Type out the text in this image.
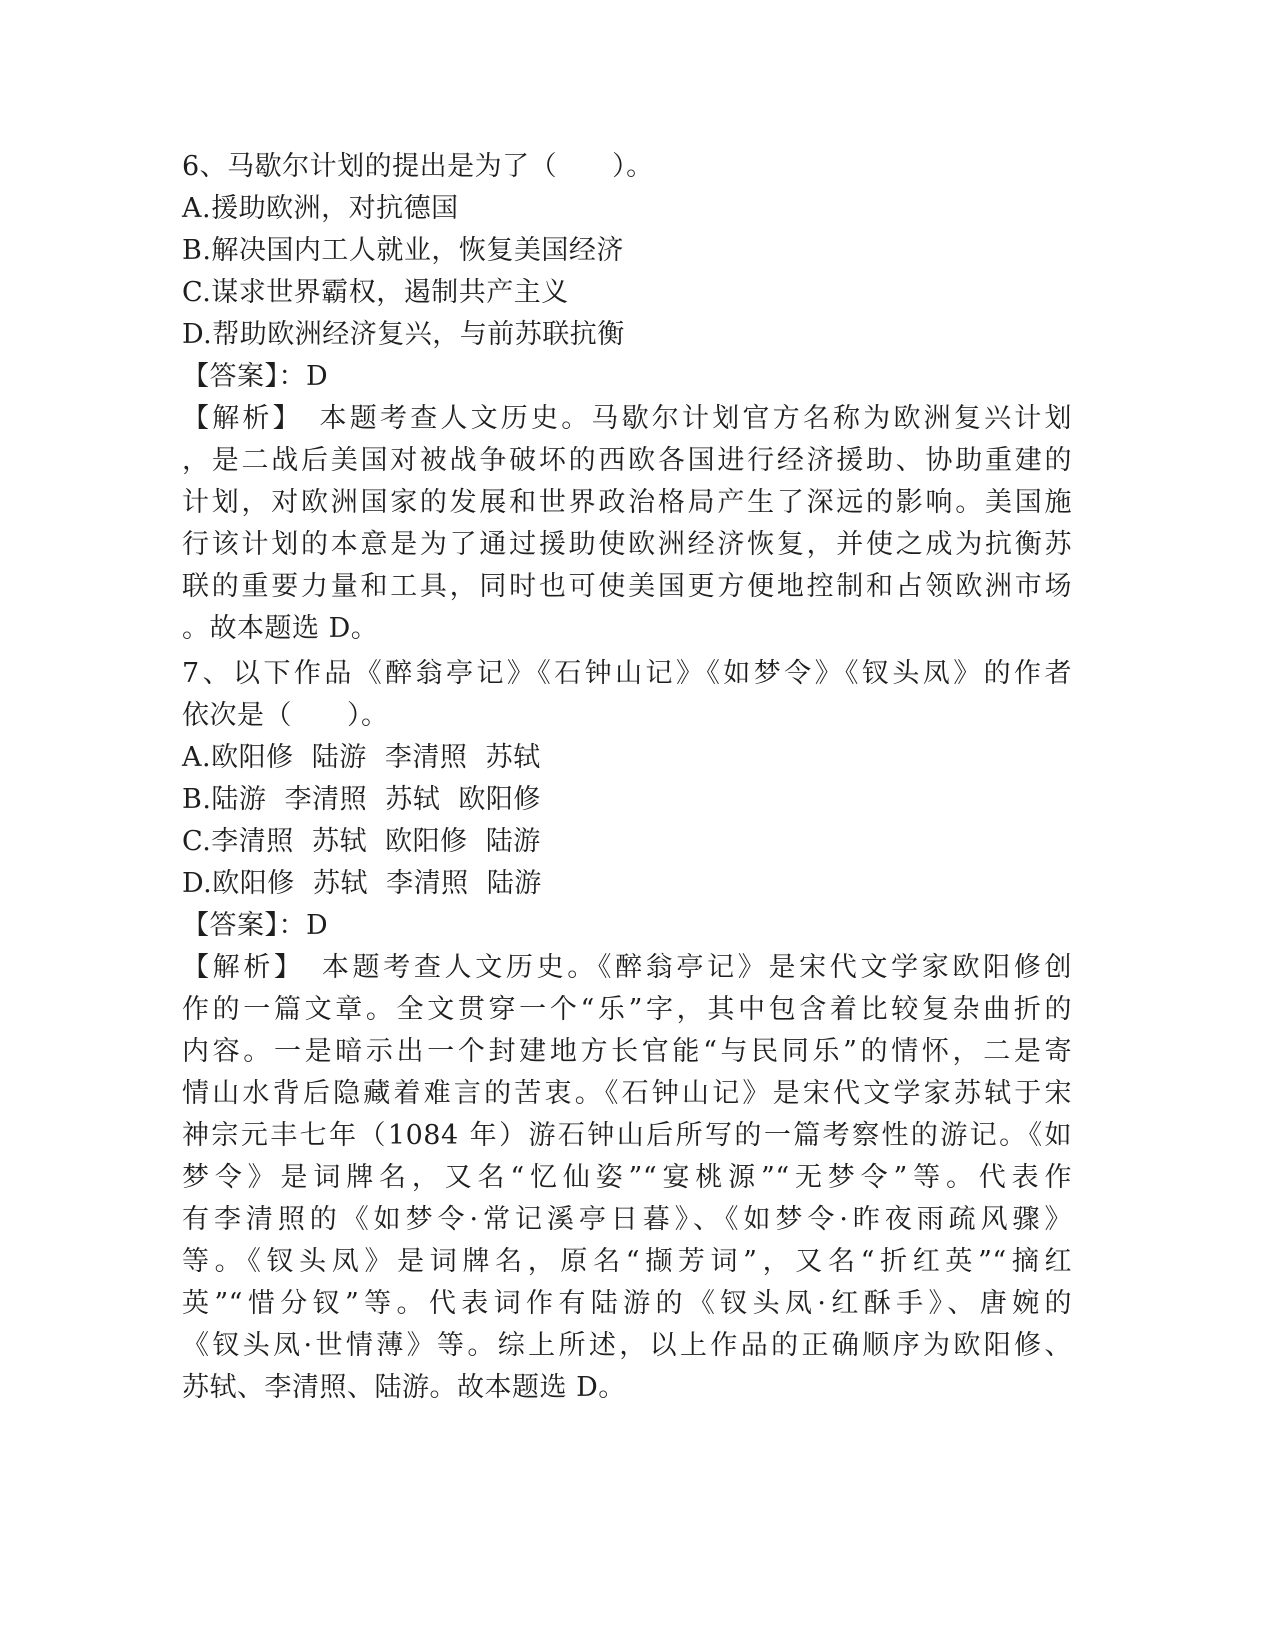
6、马歇尔计划的提出是为了（　　）。
A.援助欧洲，对抗德国
B.解决国内工人就业，恢复美国经济
C.谋求世界霸权，遏制共产主义
D.帮助欧洲经济复兴，与前苏联抗衡
【答案】：D
【解析】　本题考查人文历史。马歇尔计划官方名称为欧洲复兴计划
，是二战后美国对被战争破坏的西欧各国进行经济援助、协助重建的
计划，对欧洲国家的发展和世界政治格局产生了深远的影响。美国施
行该计划的本意是为了通过援助使欧洲经济恢复，并使之成为抗衡苏
联的重要力量和工具，同时也可使美国更方便地控制和占领欧洲市场
。故本题选 D。
7、以下作品《醉翁亭记》《石钟山记》《如梦令》《钗头凤》的作者
依次是（　　）。
A.欧阳修  陆游  李清照  苏轼
B.陆游  李清照  苏轼  欧阳修
C.李清照  苏轼  欧阳修  陆游
D.欧阳修  苏轼  李清照  陆游
【答案】：D
【解析】　本题考查人文历史。《醉翁亭记》是宋代文学家欧阳修创
作的一篇文章。全文贯穿一个“乐”字，其中包含着比较复杂曲折的
内容。一是暗示出一个封建地方长官能“与民同乐”的情怀，二是寄
情山水背后隐藏着难言的苦衷。《石钟山记》是宋代文学家苏轼于宋
神宗元丰七年（1084 年）游石钟山后所写的一篇考察性的游记。《如
梦令》是词牌名，又名“忆仙姿”“宴桃源”“无梦令”等。代表作
有李清照的《如梦令·常记溪亭日暮》、《如梦令·昨夜雨疏风骤》
等。《钗头凤》是词牌名，原名“撷芳词”，又名“折红英”“摘红
英”“惜分钗”等。代表词作有陆游的《钗头凤·红酥手》、唐婉的
《钗头凤·世情薄》等。综上所述，以上作品的正确顺序为欧阳修、
苏轼、李清照、陆游。故本题选 D。
